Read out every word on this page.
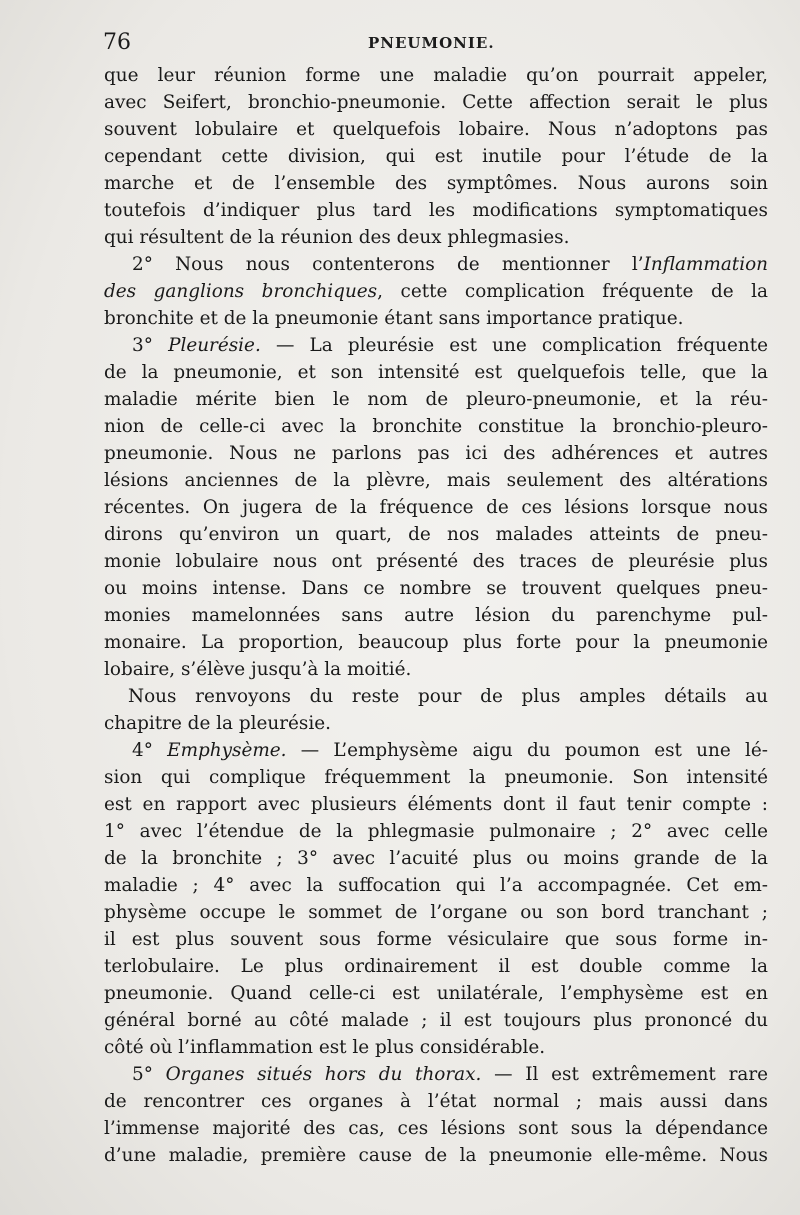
76	PNEUMONIE.
que leur réunion forme une maladie qu’on pourrait appeler,
avec Seifert, bronchio-pneumonie. Cette affection serait le plus
souvent lobulaire et quelquefois lobaire. Nous n’adoptons pas
cependant cette division, qui est inutile pour l’étude de la
marche et de l’ensemble des symptômes. Nous aurons soin
toutefois d’indiquer plus tard les modifications symptomatiques
qui résultent de la réunion des deux phlegmasies.
2° Nous nous contenterons de mentionner l’Inflammation
des ganglions bronchiques, cette complication fréquente de la
bronchite et de la pneumonie étant sans importance pratique.
3° Pleurésie. — La pleurésie est une complication fréquente
de la pneumonie, et son intensité est quelquefois telle, que la
maladie mérite bien le nom de pleuro-pneumonie, et la réu-
nion de celle-ci avec la bronchite constitue la bronchio-pleuro-
pneumonie. Nous ne parlons pas ici des adhérences et autres
lésions anciennes de la plèvre, mais seulement des altérations
récentes. On jugera de la fréquence de ces lésions lorsque nous
dirons qu’environ un quart, de nos malades atteints de pneu-
monie lobulaire nous ont présenté des traces de pleurésie plus
ou moins intense. Dans ce nombre se trouvent quelques pneu-
monies mamelonnées sans autre lésion du parenchyme pul-
monaire. La proportion, beaucoup plus forte pour la pneumonie
lobaire, s’élève jusqu’à la moitié.
Nous renvoyons du reste pour de plus amples détails au
chapitre de la pleurésie.
4° Emphysème. — L’emphysème aigu du poumon est une lé-
sion qui complique fréquemment la pneumonie. Son intensité
est en rapport avec plusieurs éléments dont il faut tenir compte :
1° avec l’étendue de la phlegmasie pulmonaire ; 2° avec celle
de la bronchite ; 3° avec l’acuité plus ou moins grande de la
maladie ; 4° avec la suffocation qui l’a accompagnée. Cet em-
physème occupe le sommet de l’organe ou son bord tranchant ;
il est plus souvent sous forme vésiculaire que sous forme in-
terlobulaire. Le plus ordinairement il est double comme la
pneumonie. Quand celle-ci est unilatérale, l’emphysème est en
général borné au côté malade ; il est toujours plus prononcé du
côté où l’inflammation est le plus considérable.
5° Organes situés hors du thorax. — Il est extrêmement rare
de rencontrer ces organes à l’état normal ; mais aussi dans
l’immense majorité des cas, ces lésions sont sous la dépendance
d’une maladie, première cause de la pneumonie elle-même. Nous
